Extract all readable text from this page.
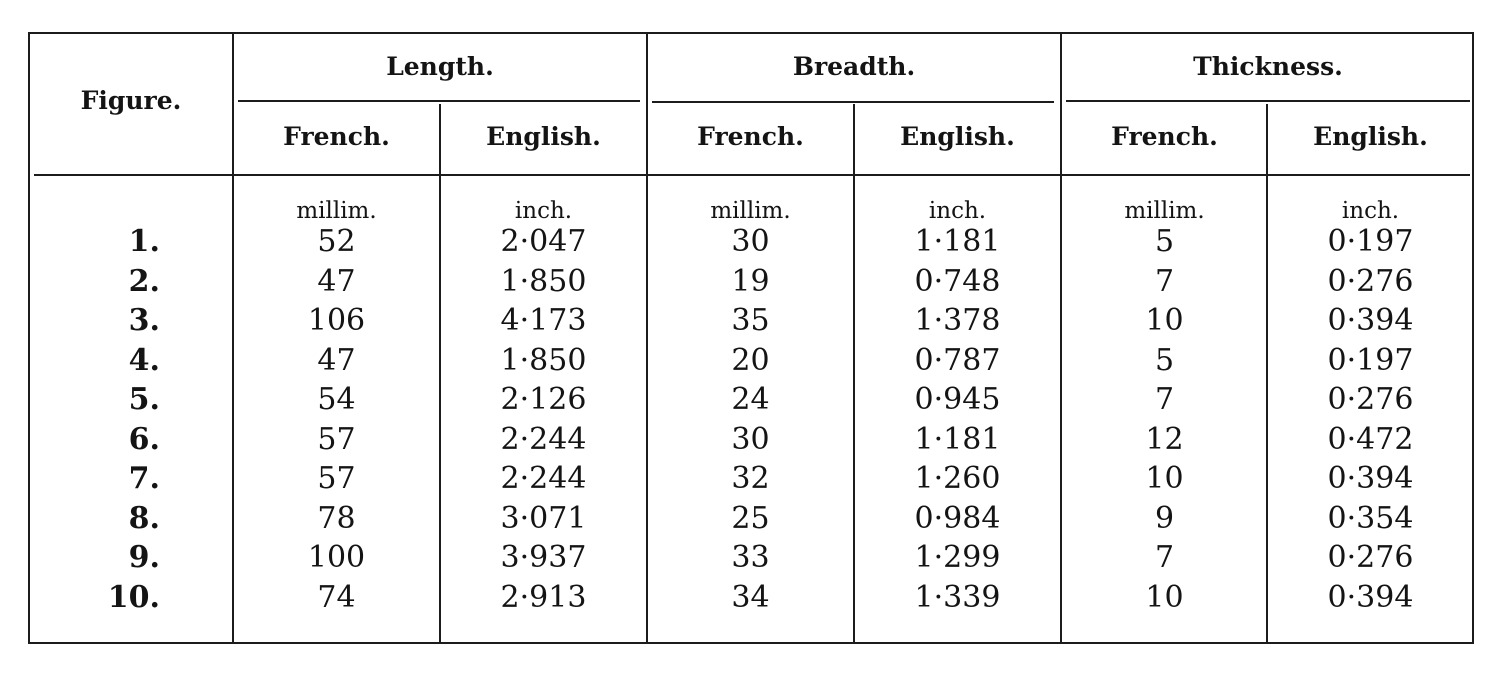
Figure.
Length.	Breadth.	Thickness.
French.	English.	French.	English.	French.	English.
millim.	inch.	millim.	inch.	millim.	inch.
1.	52	2·047	30	1·181	5	0·197
2.	47	1·850	19	0·748	7	0·276
3.	106	4·173	35	1·378	10	0·394
4.	47	1·850	20	0·787	5	0·197
5.	54	2·126	24	0·945	7	0·276
6.	57	2·244	30	1·181	12	0·472
7.	57	2·244	32	1·260	10	0·394
8.	78	3·071	25	0·984	9	0·354
9.	100	3·937	33	1·299	7	0·276
10.	74	2·913	34	1·339	10	0·394
